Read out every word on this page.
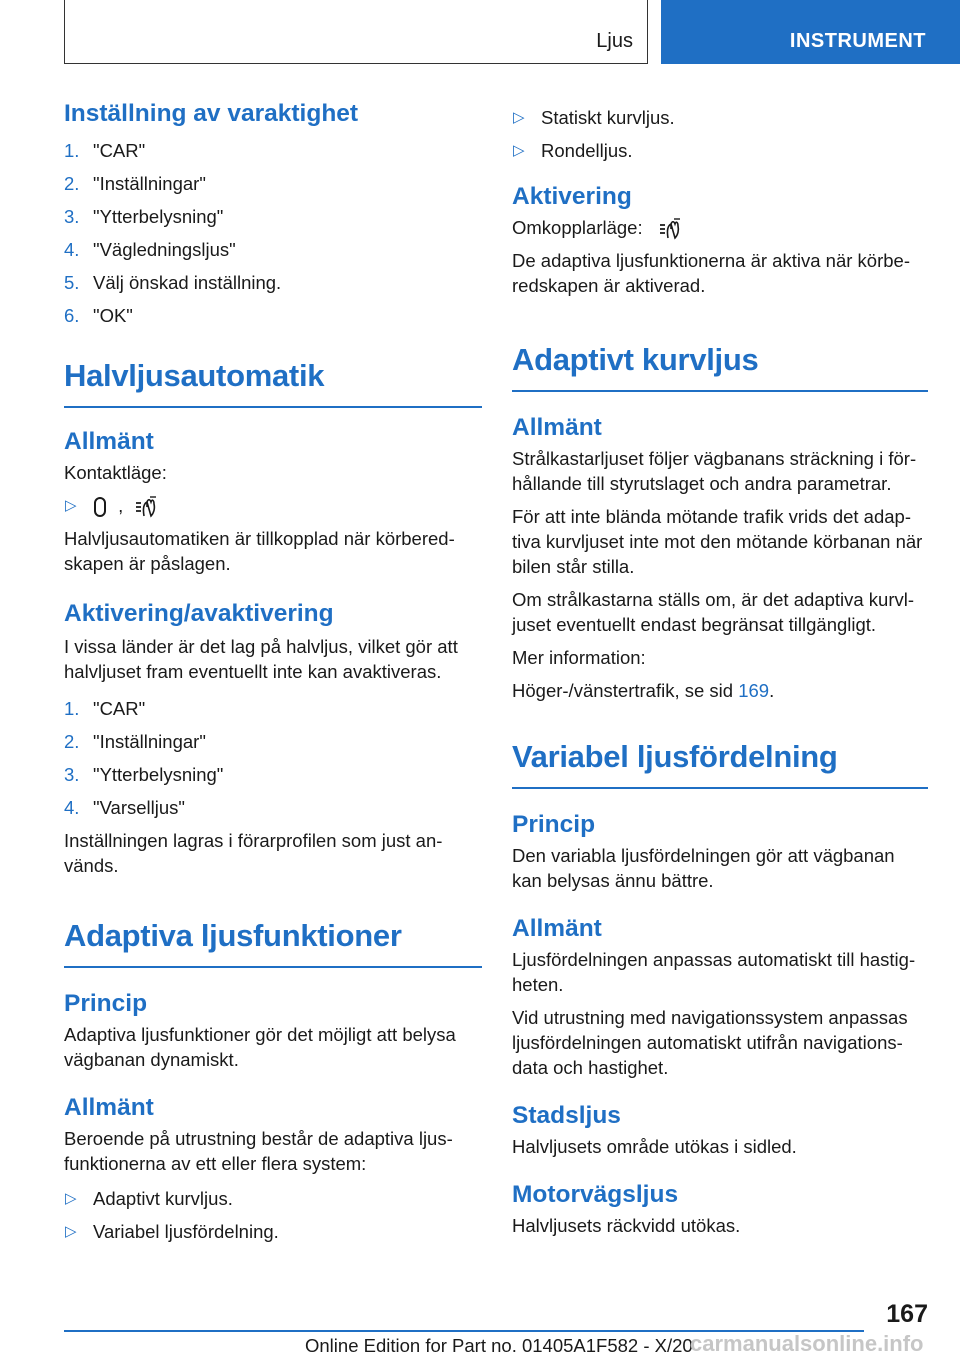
Ljus	INSTRUMENT
Inställning av varaktighet
1. "CAR"
2. "Inställningar"
3. "Ytterbelysning"
4. "Vägledningsljus"
5. Välj önskad inställning.
6. "OK"
Halvljusautomatik
Allmänt

Kontaktläge:

▷ ,

Halvljusautomatiken är tillkopplad när körberedskapen är påslagen.

Aktivering/avaktivering

I vissa länder är det lag på halvljus, vilket gör att halvljuset fram eventuellt inte kan avaktiveras.

1. "CAR"
2. "Inställningar"
3. "Ytterbelysning"
4. "Varselljus"

Inställningen lagras i förarprofilen som just används.

Adaptiva ljusfunktioner
Princip

Adaptiva ljusfunktioner gör det möjligt att belysa vägbanan dynamiskt.

Allmänt

Beroende på utrustning består de adaptiva ljusfunktionerna av ett eller flera system:

▷ Adaptivt kurvljus.
▷ Variabel ljusfördelning.
▷ Statiskt kurvljus.
▷ Rondelljus.
Aktivering

Omkopplarläge:

De adaptiva ljusfunktionerna är aktiva när körberedskapen är aktiverad.

Adaptivt kurvljus
Allmänt

Strålkastarljuset följer vägbanans sträckning i förhållande till styrutslaget och andra parametrar.

För att inte blända mötande trafik vrids det adaptiva kurvljuset inte mot den mötande körbanan när bilen står stilla.

Om strålkastarna ställs om, är det adaptiva kurvljuset eventuellt endast begränsat tillgängligt.

Mer information:

Höger-/vänstertrafik, se sid 169.

Variabel ljusfördelning
Princip

Den variabla ljusfördelningen gör att vägbanan kan belysas ännu bättre.

Allmänt

Ljusfördelningen anpassas automatiskt till hastigheten.

Vid utrustning med navigationssystem anpassas ljusfördelningen automatiskt utifrån navigationsdata och hastighet.

Stadsljus

Halvljusets område utökas i sidled.

Motorvägsljus

Halvljusets räckvidd utökas.

167
Online Edition for Part no. 01405A1F582 - X/20
carmanualsonline.info
